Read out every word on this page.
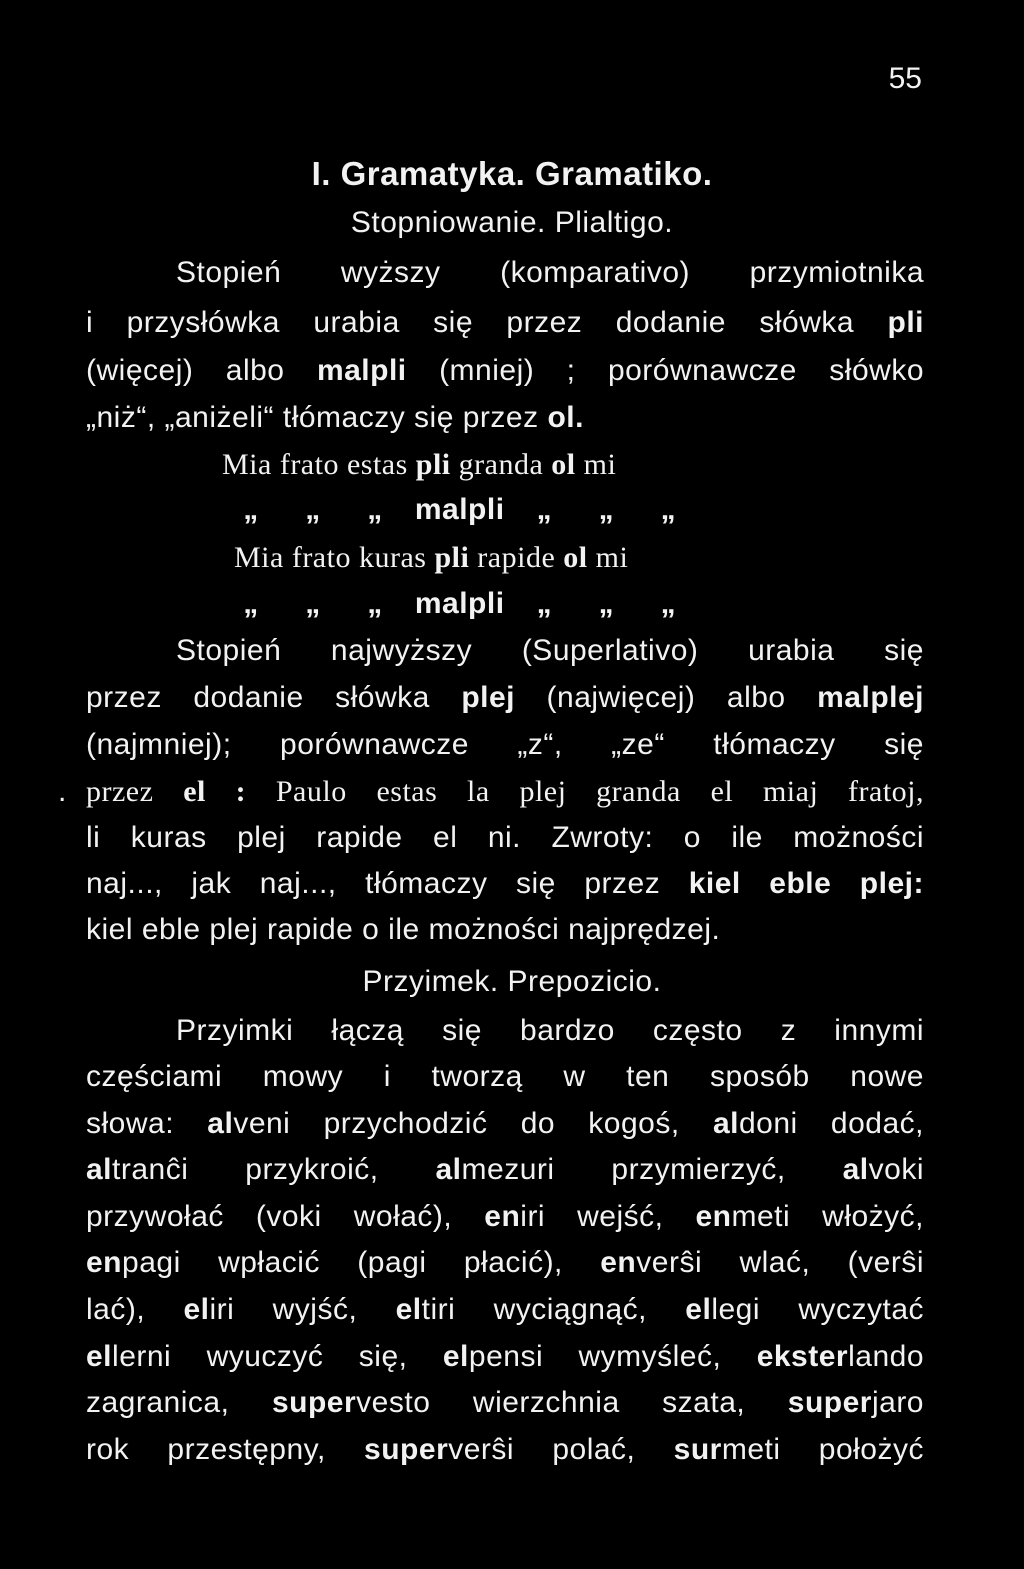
55
I. Gramatyka. Gramatiko.
Stopniowanie. Plialtigo.
Stopień wyższy (komparativo) przymiotnika
i przysłówka urabia się przez dodanie słówka pli
(więcej) albo malpli (mniej) ; porównawcze słówko
„niż“, „aniżeli“ tłómaczy się przez ol.
Mia frato estas pli granda ol mi
„ „ „ malpli „ „ „
Mia frato kuras pli rapide ol mi
„ „ „ malpli „ „ „
Stopień najwyższy (Superlativo) urabia się
przez dodanie słówka plej (najwięcej) albo malplej
(najmniej); porównawcze „z“, „ze“ tłómaczy się
. przez el : Paulo estas la plej granda el miaj fratoj,
li kuras plej rapide el ni. Zwroty: o ile możności
naj..., jak naj..., tłómaczy się przez kiel eble plej:
kiel eble plej rapide o ile możności najprędzej.
Przyimek. Prepozicio.
Przyimki łączą się bardzo często z innymi
częściami mowy i tworzą w ten sposób nowe
słowa: alveni przychodzić do kogoś, aldoni dodać,
altranĉi przykroić, almezuri przymierzyć, alvoki
przywołać (voki wołać), eniri wejść, enmeti włożyć,
enpagi wpłacić (pagi płacić), enverŝi wlać, (verŝi
lać), eliri wyjść, eltiri wyciągnąć, ellegi wyczytać
ellerni wyuczyć się, elpensi wymyśleć, eksterlando
zagranica, supervesto wierzchnia szata, superjaro
rok przestępny, superverŝi polać, surmeti położyć
